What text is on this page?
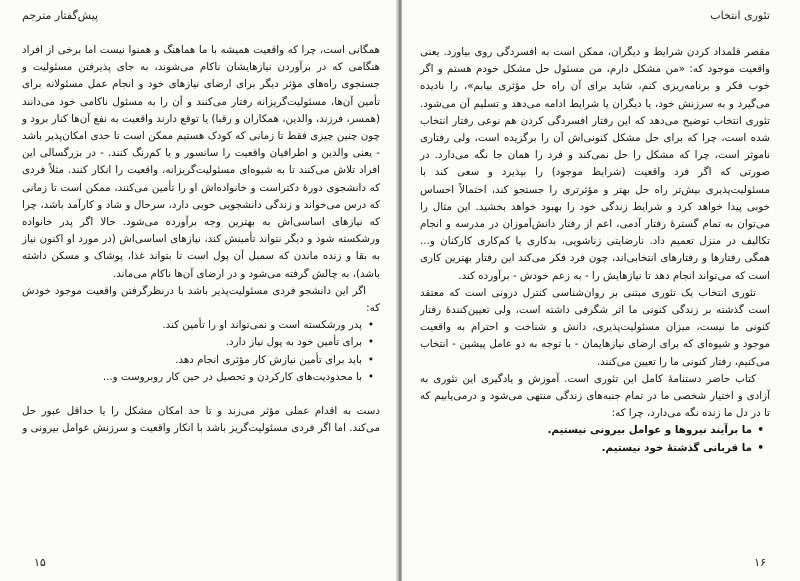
پیش‌گفتار مترجم

همگانی است، چرا که واقعیت همیشه با ما هماهنگ و همنوا نیست اما برخی از افراد هنگامی که در برآوردن نیازهایشان ناکام می‌شوند، به جای پذیرفتن مسئولیت و جستجوی راه‌های مؤثر دیگر برای ارضای نیازهای خود و انجام عمل مسئولانه برای تأمین آن‌ها، مسئولیت‌گریزانه رفتار می‌کنند و آن را به مسئول ناکامی خود می‌دانند (همسر، فرزند، والدین، همکاران و رقبا) یا توقع دارند واقعیت به نفع آن‌ها کنار برود و چون چنین چیزی فقط تا زمانی که کودک هستیم ممکن است تا حدی امکان‌پذیر باشد - یعنی والدین و اطرافیان واقعیت را سانسور و یا کم‌رنگ کنند. - در بزرگسالی این افراد تلاش می‌کنند تا به شیوه‌ای مسئولیت‌گریزانه، واقعیت را انکار کنند. مثلاً فردی که دانشجوی دورۀ دکتراست و خانواده‌اش او را تأمین می‌کنند، ممکن است تا زمانی که درس می‌خواند و زندگی دانشجویی خوبی دارد، سرحال و شاد و کارآمد باشد، چرا که نیازهای اساسی‌اش به بهترین وجه برآورده می‌شود. حالا اگر پدر خانواده ورشکسته شود و دیگر نتواند تأمینش کند، نیازهای اساسی‌اش (در مورد او اکنون نیاز به بقا و زنده ماندن که سمبل آن پول است تا بتواند غذا، پوشاک و مسکن داشته باشد)، به چالش گرفته می‌شود و در ارضای آن‌ها ناکام می‌ماند.

اگر این دانشجو فردی مسئولیت‌پذیر باشد با درنظرگرفتن واقعیت موجود خودش که:

• پدر ورشکسته است و نمی‌تواند او را تأمین کند.
• برای تأمین خود به پول نیاز دارد.
• باید برای تأمین نیازش کار مؤثری انجام دهد.
• با محدودیت‌های کارکردن و تحصیل در حین کار روبروست و...

دست به اقدام عملی مؤثر می‌زند و تا حد امکان مشکل را یا حداقل عبور حل می‌کند. اما اگر فردی مسئولیت‌گریز باشد با انکار واقعیت و سرزنش عوامل بیرونی و

۱۵
تئوری انتخاب

مقصر قلمداد کردن شرایط و دیگران، ممکن است به افسردگی روی بیاورد. یعنی واقعیت موجود که: «من مشکل دارم، من مسئول حل مشکل خودم هستم و اگر خوب فکر و برنامه‌ریزی کنم، شاید برای آن راه حل مؤثری بیابم»، را نادیده می‌گیرد و به سرزنش خود، یا دیگران یا شرایط ادامه می‌دهد و تسلیم آن می‌شود. تئوری انتخاب توضیح می‌دهد که این رفتار افسردگی کردن هم نوعی رفتار انتخاب شده است، چرا که برای حل مشکل کنونی‌اش آن را برگزیده است، ولی رفتاری ناموثر است، چرا که مشکل را حل نمی‌کند و فرد را همان جا نگه می‌دارد. در صورتی که اگر فرد واقعیت (شرایط موجود) را بپذیرد و سعی کند با مسئولیت‌پذیری بیش‌تر راه حل بهتر و مؤثرتری را جستجو کند، احتمالاً احساس خوبی پیدا خواهد کرد و شرایط زندگی خود را بهبود خواهد بخشید. این مثال را می‌توان به تمام گسترۀ رفتار آدمی، اعم از رفتار دانش‌آموزان در مدرسه و انجام تکالیف در منزل تعمیم داد. نارضایتی زناشویی، بدکاری یا کم‌کاری کارکنان و... همگی رفتارها و رفتارهای انتخابی‌اند، چون فرد فکر می‌کند این رفتار بهترین کاری است که می‌تواند انجام دهد تا نیازهایش را - به زعم خودش - برآورده کند.

تئوری انتخاب یک تئوری مبتنی بر روان‌شناسی کنترل درونی است که معتقد است گذشته بر زندگی کنونی ما اثر شگرفی داشته است، ولی تعیین‌کنندۀ رفتار کنونی ما نیست، میزان مسئولیت‌پذیری، دانش و شناخت و احترام به واقعیت موجود و شیوه‌ای که برای ارضای نیازهایمان - با توجه به دو عامل پیشین - انتخاب می‌کنیم، رفتار کنونی ما را تعیین می‌کنند.

کتاب حاضر دستنامۀ کامل این تئوری است. آموزش و یادگیری این تئوری به آزادی و اختیار شخصی ما در تمام جنبه‌های زندگی منتهی می‌شود و درمی‌یابیم که تا در دل ما زنده نگه می‌دارد، چرا که:

• ما برآیند نیروها و عوامل بیرونی نیستیم.
• ما قربانی گذشتۀ خود نیستیم.
۱۶
